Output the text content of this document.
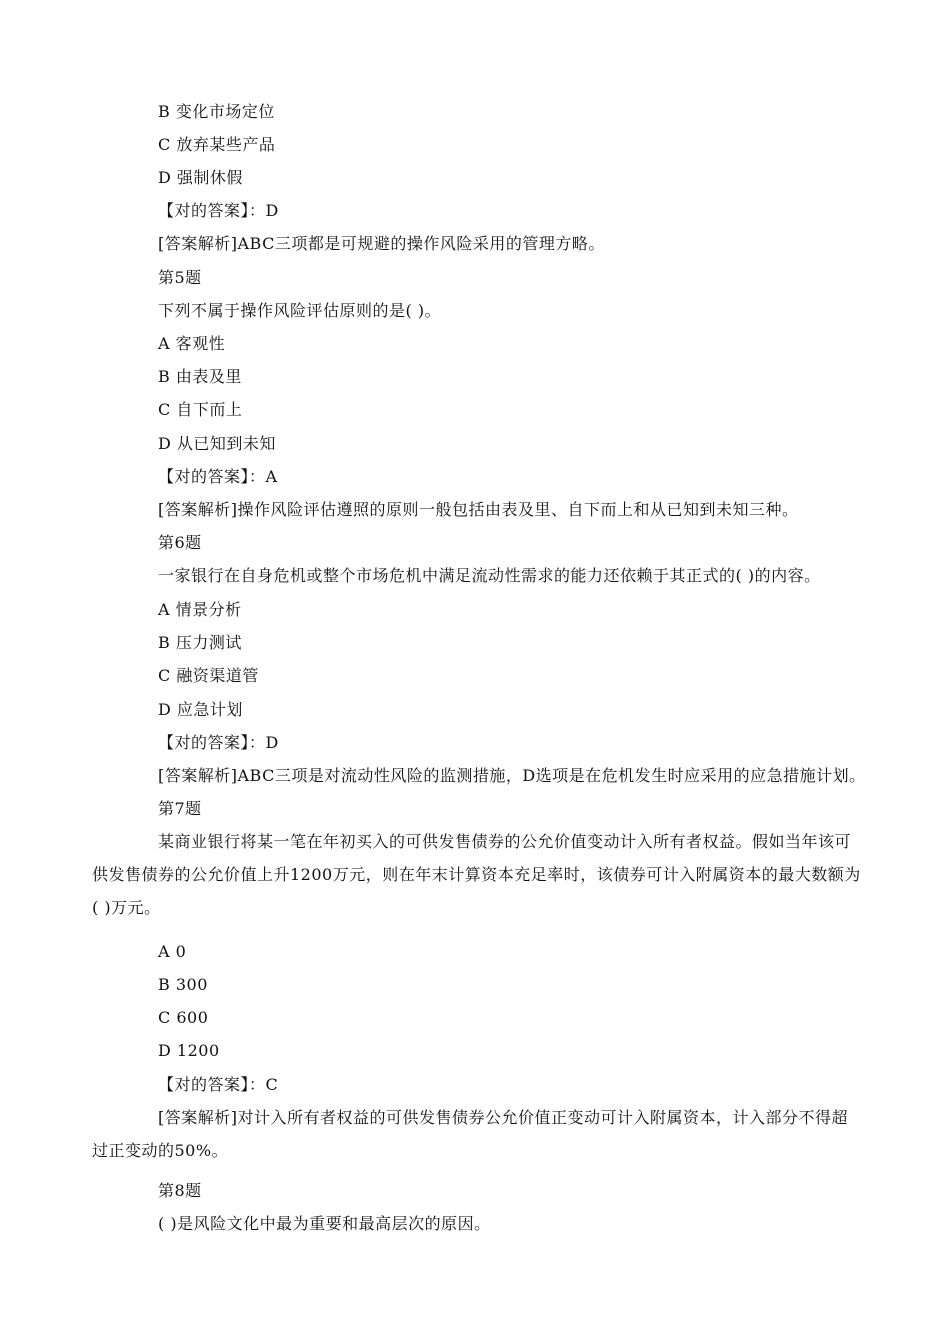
B 变化市场定位
C 放弃某些产品
D 强制休假
【对的答案】：D
[答案解析]ABC三项都是可规避的操作风险采用的管理方略。
第5题
下列不属于操作风险评估原则的是( )。
A 客观性
B 由表及里
C 自下而上
D 从已知到未知
【对的答案】：A
[答案解析]操作风险评估遵照的原则一般包括由表及里、自下而上和从已知到未知三种。
第6题
一家银行在自身危机或整个市场危机中满足流动性需求的能力还依赖于其正式的( )的内容。
A 情景分析
B 压力测试
C 融资渠道管
D 应急计划
【对的答案】：D
[答案解析]ABC三项是对流动性风险的监测措施，D选项是在危机发生时应采用的应急措施计划。
第7题
某商业银行将某一笔在年初买入的可供发售债券的公允价值变动计入所有者权益。假如当年该可供发售债券的公允价值上升1200万元，则在年末计算资本充足率时，该债券可计入附属资本的最大数额为( )万元。
A 0
B 300
C 600
D 1200
【对的答案】：C
[答案解析]对计入所有者权益的可供发售债券公允价值正变动可计入附属资本，计入部分不得超过正变动的50%。
第8题
( )是风险文化中最为重要和最高层次的原因。
